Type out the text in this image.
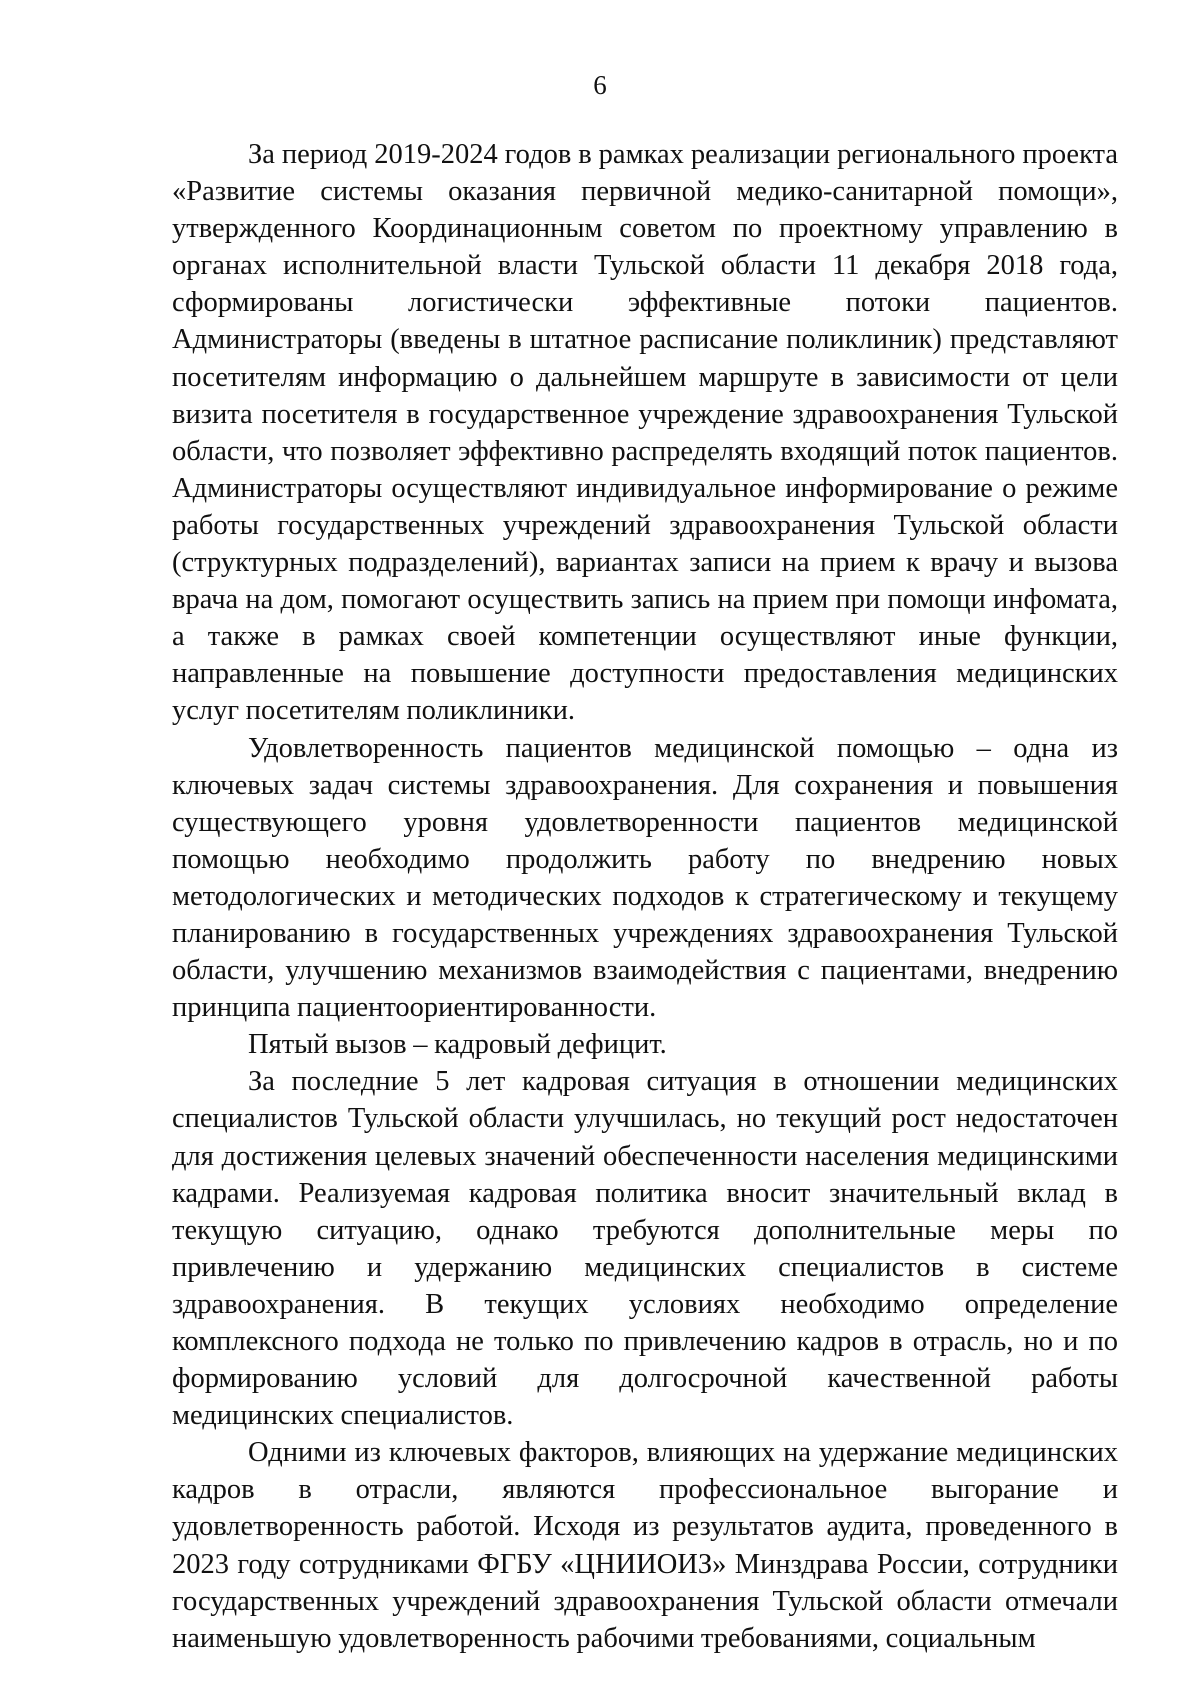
6

За период 2019-2024 годов в рамках реализации регионального проекта «Развитие системы оказания первичной медико-санитарной помощи», утвержденного Координационным советом по проектному управлению в органах исполнительной власти Тульской области 11 декабря 2018 года, сформированы логистически эффективные потоки пациентов. Администраторы (введены в штатное расписание поликлиник) представляют посетителям информацию о дальнейшем маршруте в зависимости от цели визита посетителя в государственное учреждение здравоохранения Тульской области, что позволяет эффективно распределять входящий поток пациентов. Администраторы осуществляют индивидуальное информирование о режиме работы государственных учреждений здравоохранения Тульской области (структурных подразделений), вариантах записи на прием к врачу и вызова врача на дом, помогают осуществить запись на прием при помощи инфомата, а также в рамках своей компетенции осуществляют иные функции, направленные на повышение доступности предоставления медицинских услуг посетителям поликлиники.

Удовлетворенность пациентов медицинской помощью – одна из ключевых задач системы здравоохранения. Для сохранения и повышения существующего уровня удовлетворенности пациентов медицинской помощью необходимо продолжить работу по внедрению новых методологических и методических подходов к стратегическому и текущему планированию в государственных учреждениях здравоохранения Тульской области, улучшению механизмов взаимодействия с пациентами, внедрению принципа пациентоориентированности.

Пятый вызов – кадровый дефицит.

За последние 5 лет кадровая ситуация в отношении медицинских специалистов Тульской области улучшилась, но текущий рост недостаточен для достижения целевых значений обеспеченности населения медицинскими кадрами. Реализуемая кадровая политика вносит значительный вклад в текущую ситуацию, однако требуются дополнительные меры по привлечению и удержанию медицинских специалистов в системе здравоохранения. В текущих условиях необходимо определение комплексного подхода не только по привлечению кадров в отрасль, но и по формированию условий для долгосрочной качественной работы медицинских специалистов.

Одними из ключевых факторов, влияющих на удержание медицинских кадров в отрасли, являются профессиональное выгорание и удовлетворенность работой. Исходя из результатов аудита, проведенного в 2023 году сотрудниками ФГБУ «ЦНИИОИЗ» Минздрава России, сотрудники государственных учреждений здравоохранения Тульской области отмечали наименьшую удовлетворенность рабочими требованиями, социальным
